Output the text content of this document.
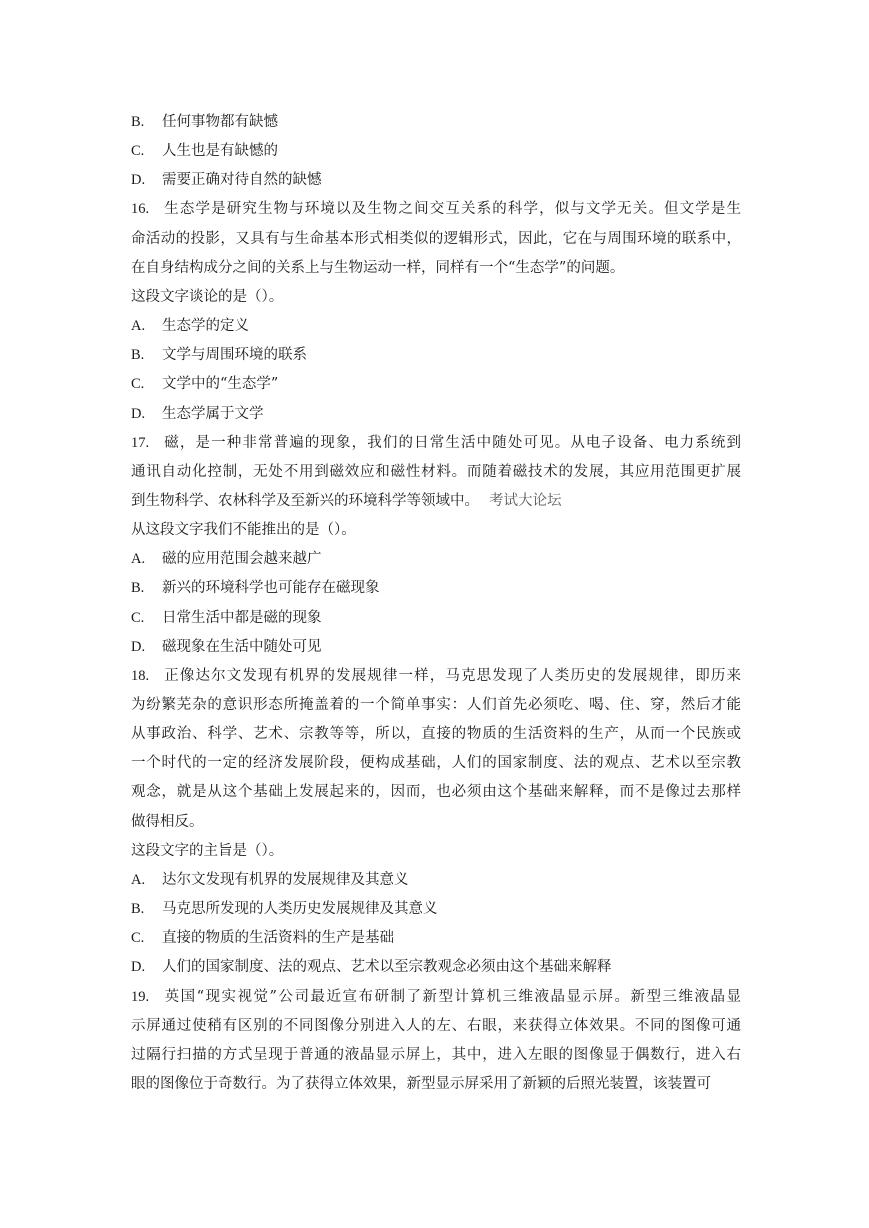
B. 任何事物都有缺憾
C. 人生也是有缺憾的
D. 需要正确对待自然的缺憾
16. 生态学是研究生物与环境以及生物之间交互关系的科学，似与文学无关。但文学是生
命活动的投影，又具有与生命基本形式相类似的逻辑形式，因此，它在与周围环境的联系中，
在自身结构成分之间的关系上与生物运动一样，同样有一个“生态学”的问题。
这段文字谈论的是（）。
A. 生态学的定义
B. 文学与周围环境的联系
C. 文学中的“生态学”
D. 生态学属于文学
17. 磁，是一种非常普遍的现象，我们的日常生活中随处可见。从电子设备、电力系统到
通讯自动化控制，无处不用到磁效应和磁性材料。而随着磁技术的发展，其应用范围更扩展
到生物科学、农林科学及至新兴的环境科学等领域中。 考试大论坛
从这段文字我们不能推出的是（）。
A. 磁的应用范围会越来越广
B. 新兴的环境科学也可能存在磁现象
C. 日常生活中都是磁的现象
D. 磁现象在生活中随处可见
18. 正像达尔文发现有机界的发展规律一样，马克思发现了人类历史的发展规律，即历来
为纷繁芜杂的意识形态所掩盖着的一个简单事实：人们首先必须吃、喝、住、穿，然后才能
从事政治、科学、艺术、宗教等等，所以，直接的物质的生活资料的生产，从而一个民族或
一个时代的一定的经济发展阶段，便构成基础，人们的国家制度、法的观点、艺术以至宗教
观念，就是从这个基础上发展起来的，因而，也必须由这个基础来解释，而不是像过去那样
做得相反。
这段文字的主旨是（）。
A. 达尔文发现有机界的发展规律及其意义
B. 马克思所发现的人类历史发展规律及其意义
C. 直接的物质的生活资料的生产是基础
D. 人们的国家制度、法的观点、艺术以至宗教观念必须由这个基础来解释
19. 英国“现实视觉”公司最近宣布研制了新型计算机三维液晶显示屏。新型三维液晶显
示屏通过使稍有区别的不同图像分别进入人的左、右眼，来获得立体效果。不同的图像可通
过隔行扫描的方式呈现于普通的液晶显示屏上，其中，进入左眼的图像显于偶数行，进入右
眼的图像位于奇数行。为了获得立体效果，新型显示屏采用了新颖的后照光装置，该装置可
